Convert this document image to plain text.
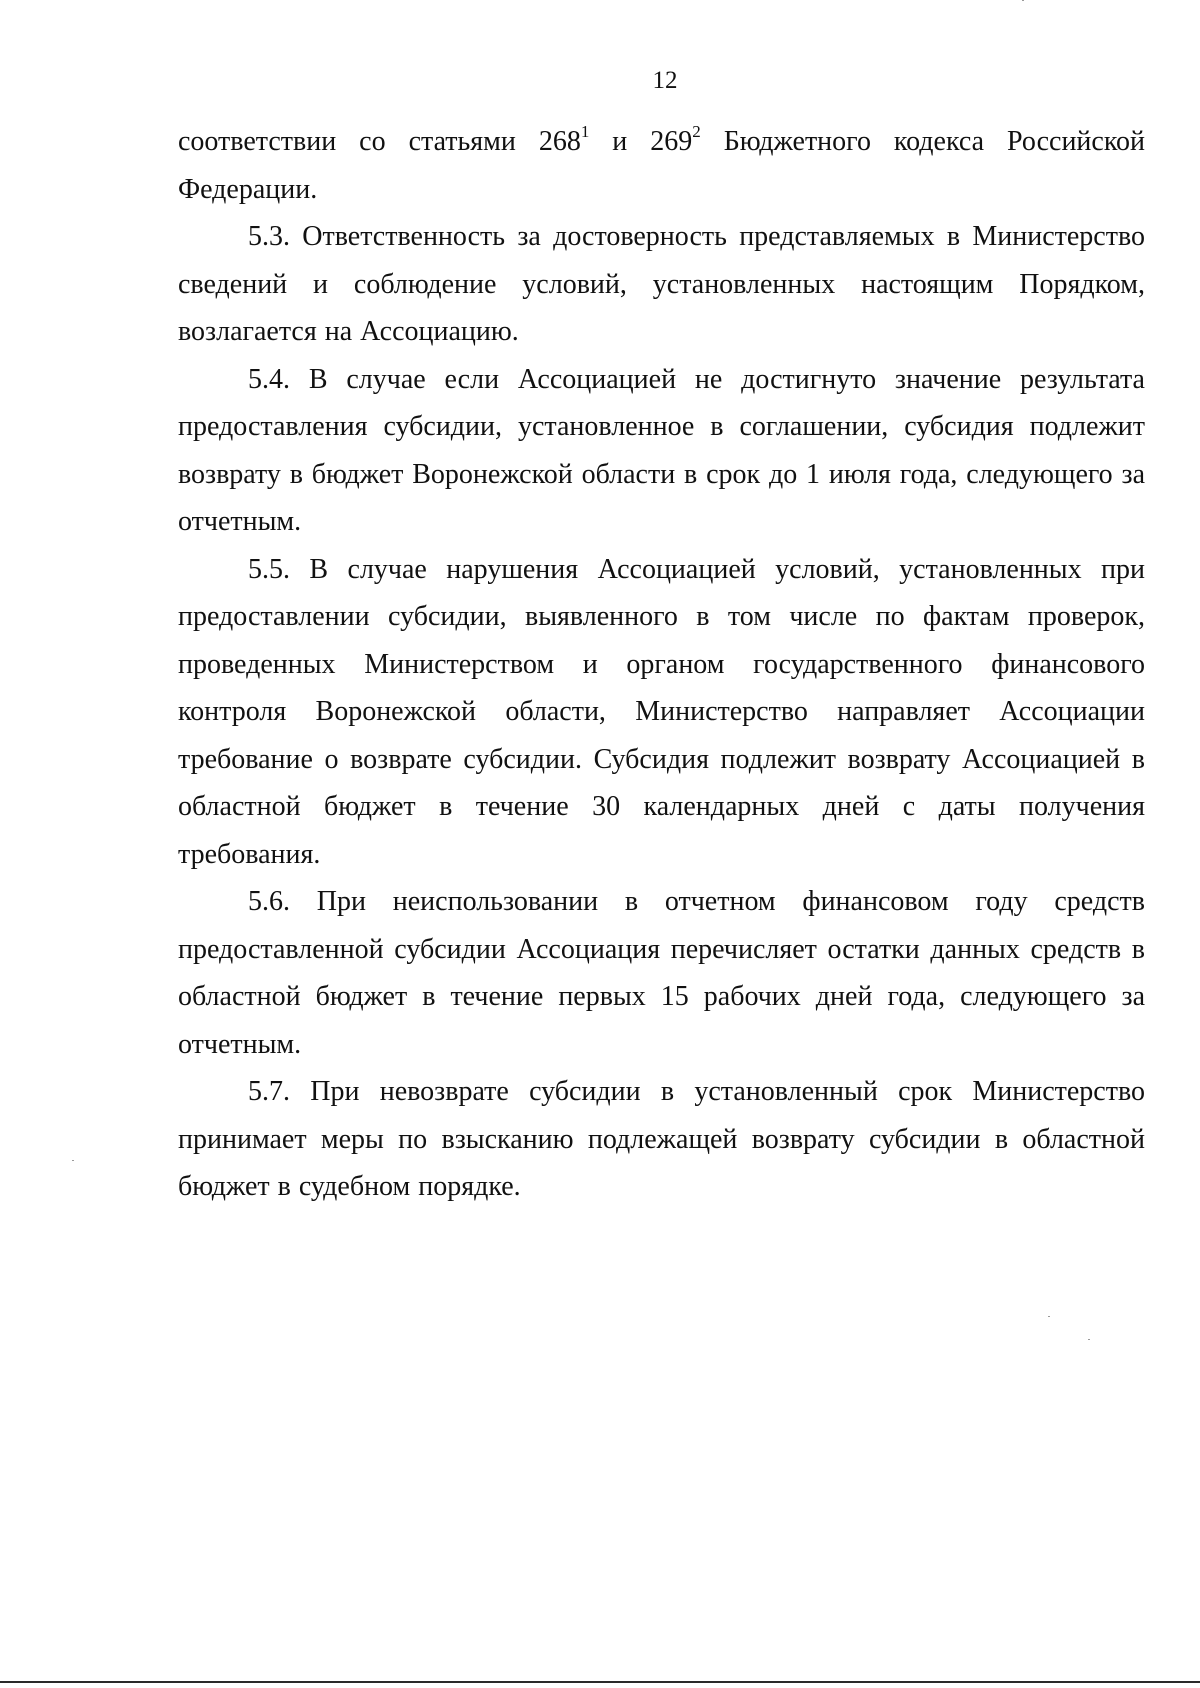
12

соответствии со статьями $268^1$ и $269^2$ Бюджетного кодекса Российской Федерации.

5.3. Ответственность за достоверность представляемых в Министерство сведений и соблюдение условий, установленных настоящим Порядком, возлагается на Ассоциацию.

5.4. В случае если Ассоциацией не достигнуто значение результата предоставления субсидии, установленное в соглашении, субсидия подлежит возврату в бюджет Воронежской области в срок до 1 июля года, следующего за отчетным.

5.5. В случае нарушения Ассоциацией условий, установленных при предоставлении субсидии, выявленного в том числе по фактам проверок, проведенных Министерством и органом государственного финансового контроля Воронежской области, Министерство направляет Ассоциации требование о возврате субсидии. Субсидия подлежит возврату Ассоциацией в областной бюджет в течение 30 календарных дней с даты получения требования.

5.6. При неиспользовании в отчетном финансовом году средств предоставленной субсидии Ассоциация перечисляет остатки данных средств в областной бюджет в течение первых 15 рабочих дней года, следующего за отчетным.

5.7. При невозврате субсидии в установленный срок Министерство принимает меры по взысканию подлежащей возврату субсидии в областной бюджет в судебном порядке.
